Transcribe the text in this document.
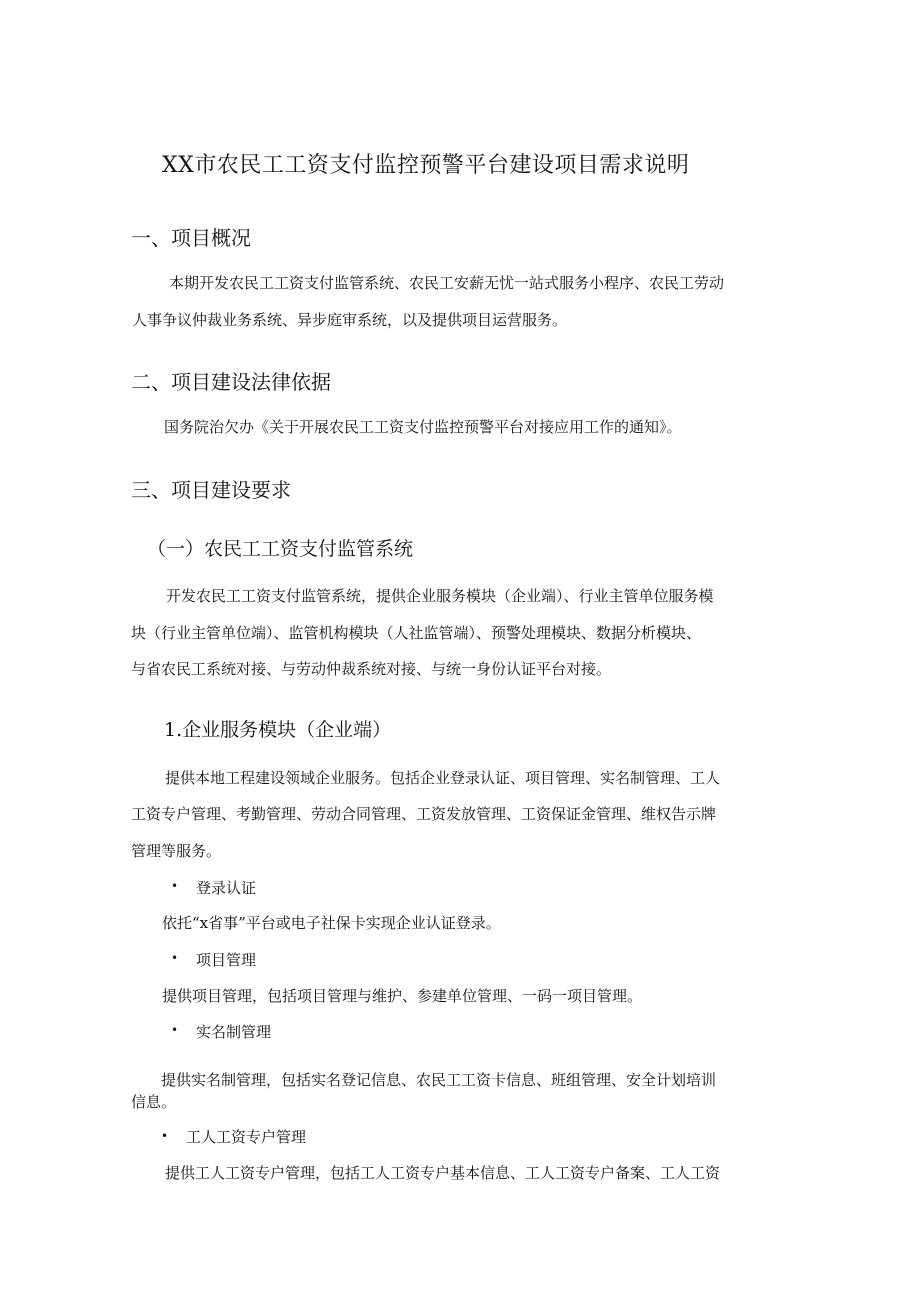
XX市农民工工资支付监控预警平台建设项目需求说明

一、项目概况

本期开发农民工工资支付监管系统、农民工安薪无忧一站式服务小程序、农民工劳动

人事争议仲裁业务系统、异步庭审系统，以及提供项目运营服务。

二、项目建设法律依据

国务院治欠办《关于开展农民工工资支付监控预警平台对接应用工作的通知》。

三、项目建设要求

（一）农民工工资支付监管系统

开发农民工工资支付监管系统，提供企业服务模块（企业端）、行业主管单位服务模

块（行业主管单位端）、监管机构模块（人社监管端）、预警处理模块、数据分析模块、

与省农民工系统对接、与劳动仲裁系统对接、与统一身份认证平台对接。

1.企业服务模块（企业端）

提供本地工程建设领域企业服务。包括企业登录认证、项目管理、实名制管理、工人

工资专户管理、考勤管理、劳动合同管理、工资发放管理、工资保证金管理、维权告示牌

管理等服务。

• 登录认证

依托“x省事”平台或电子社保卡实现企业认证登录。

• 项目管理

提供项目管理，包括项目管理与维护、参建单位管理、一码一项目管理。

• 实名制管理

提供实名制管理，包括实名登记信息、农民工工资卡信息、班组管理、安全计划培训

信息。

• 工人工资专户管理

提供工人工资专户管理，包括工人工资专户基本信息、工人工资专户备案、工人工资
